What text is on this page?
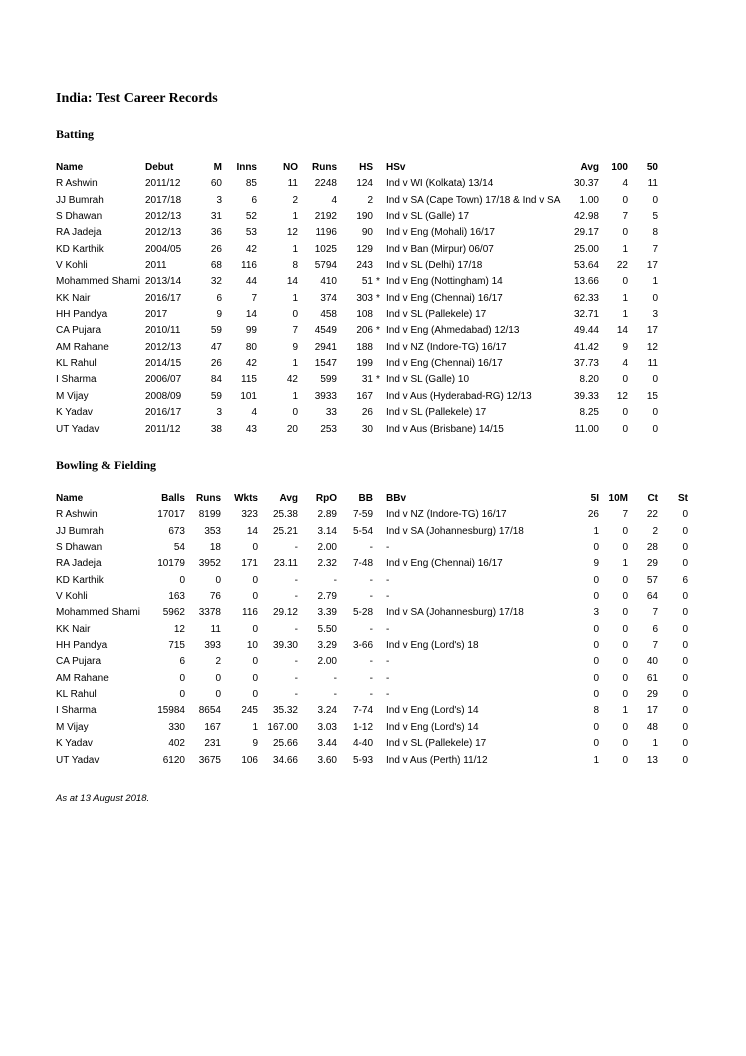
India: Test Career Records
Batting
Name	Debut	M Inns	NO Runs HS HSv	Avg 100 50
R Ashwin	2011/12	60 85	11 2248 124 Ind v WI (Kolkata) 13/14	30.37 4 11
JJ Bumrah	2017/18	3	6	2	4	2 Ind v SA (Cape Town) 17/18 & Ind v SA	1.00 0 0
S Dhawan	2012/13	31 52	1 2192 190 Ind v SL (Galle) 17	42.98 7 5
RA Jadeja	2012/13	36 53	12 1196 90 Ind v Eng (Mohali) 16/17	29.17 0 8
KD Karthik	2004/05	26 42	1 1025 129 Ind v Ban (Mirpur) 06/07	25.00 1 7
V Kohli	2011	68 116	8 5794 243 Ind v SL (Delhi) 17/18	53.64 22 17
Mohammed Shami 2013/14	32 44	14 410 51 * Ind v Eng (Nottingham) 14	13.66 0 1
KK Nair	2016/17	6	7	1 374 303 * Ind v Eng (Chennai) 16/17	62.33 1 0
HH Pandya	2017	9 14	0 458 108 Ind v SL (Pallekele) 17	32.71 1 3
CA Pujara	2010/11	59 99	7 4549 206 * Ind v Eng (Ahmedabad) 12/13	49.44 14 17
AM Rahane	2012/13	47 80	9 2941 188 Ind v NZ (Indore-TG) 16/17	41.42 9 12
KL Rahul	2014/15	26 42	1 1547 199 Ind v Eng (Chennai) 16/17	37.73 4 11
I Sharma	2006/07	84 115	42 599 31 * Ind v SL (Galle) 10	8.20 0 0
M Vijay	2008/09	59 101	1 3933 167 Ind v Aus (Hyderabad-RG) 12/13	39.33 12 15
K Yadav	2016/17	3	4	0	33 26 Ind v SL (Pallekele) 17	8.25 0 0
UT Yadav	2011/12	38 43	20 253 30 Ind v Aus (Brisbane) 14/15	11.00 0 0
Bowling & Fielding
Name	Balls Runs Wkts Avg RpO BB BBv	5I 10M Ct St
R Ashwin	17017 8199 323 25.38 2.89 7-59 Ind v NZ (Indore-TG) 16/17	26 7 22 0
JJ Bumrah	673 353	14 25.21 3.14 5-54 Ind v SA (Johannesburg) 17/18	1 0 2 0
S Dhawan	54 18	0	- 2.00	- -	0 0 28 0
RA Jadeja	10179 3952 171 23.11 2.32 7-48 Ind v Eng (Chennai) 16/17	9 1 29 0
KD Karthik	0	0	0	-	-	- -	0 0 57 6
V Kohli	163 76	0	- 2.79	- -	0 0 64 0
Mohammed Shami 5962 3378 116 29.12 3.39 5-28 Ind v SA (Johannesburg) 17/18	3 0 7 0
KK Nair	12	11	0	- 5.50	- -	0 0 6 0
HH Pandya	715 393	10 39.30 3.29 3-66 Ind v Eng (Lord's) 18	0 0 7 0
CA Pujara	6	2	0	- 2.00	- -	0 0 40 0
AM Rahane	0	0	0	-	-	- -	0 0 61 0
KL Rahul	0	0	0	-	-	- -	0 0 29 0
I Sharma	15984 8654 245 35.32 3.24 7-74 Ind v Eng (Lord's) 14	8 1 17 0
M Vijay	330 167	1 167.00 3.03 1-12 Ind v Eng (Lord's) 14	0 0 48 0
K Yadav	402 231	9 25.66 3.44 4-40 Ind v SL (Pallekele) 17	0 0 1 0
UT Yadav	6120 3675 106 34.66 3.60 5-93 Ind v Aus (Perth) 11/12	1 0 13 0
As at 13 August 2018.
